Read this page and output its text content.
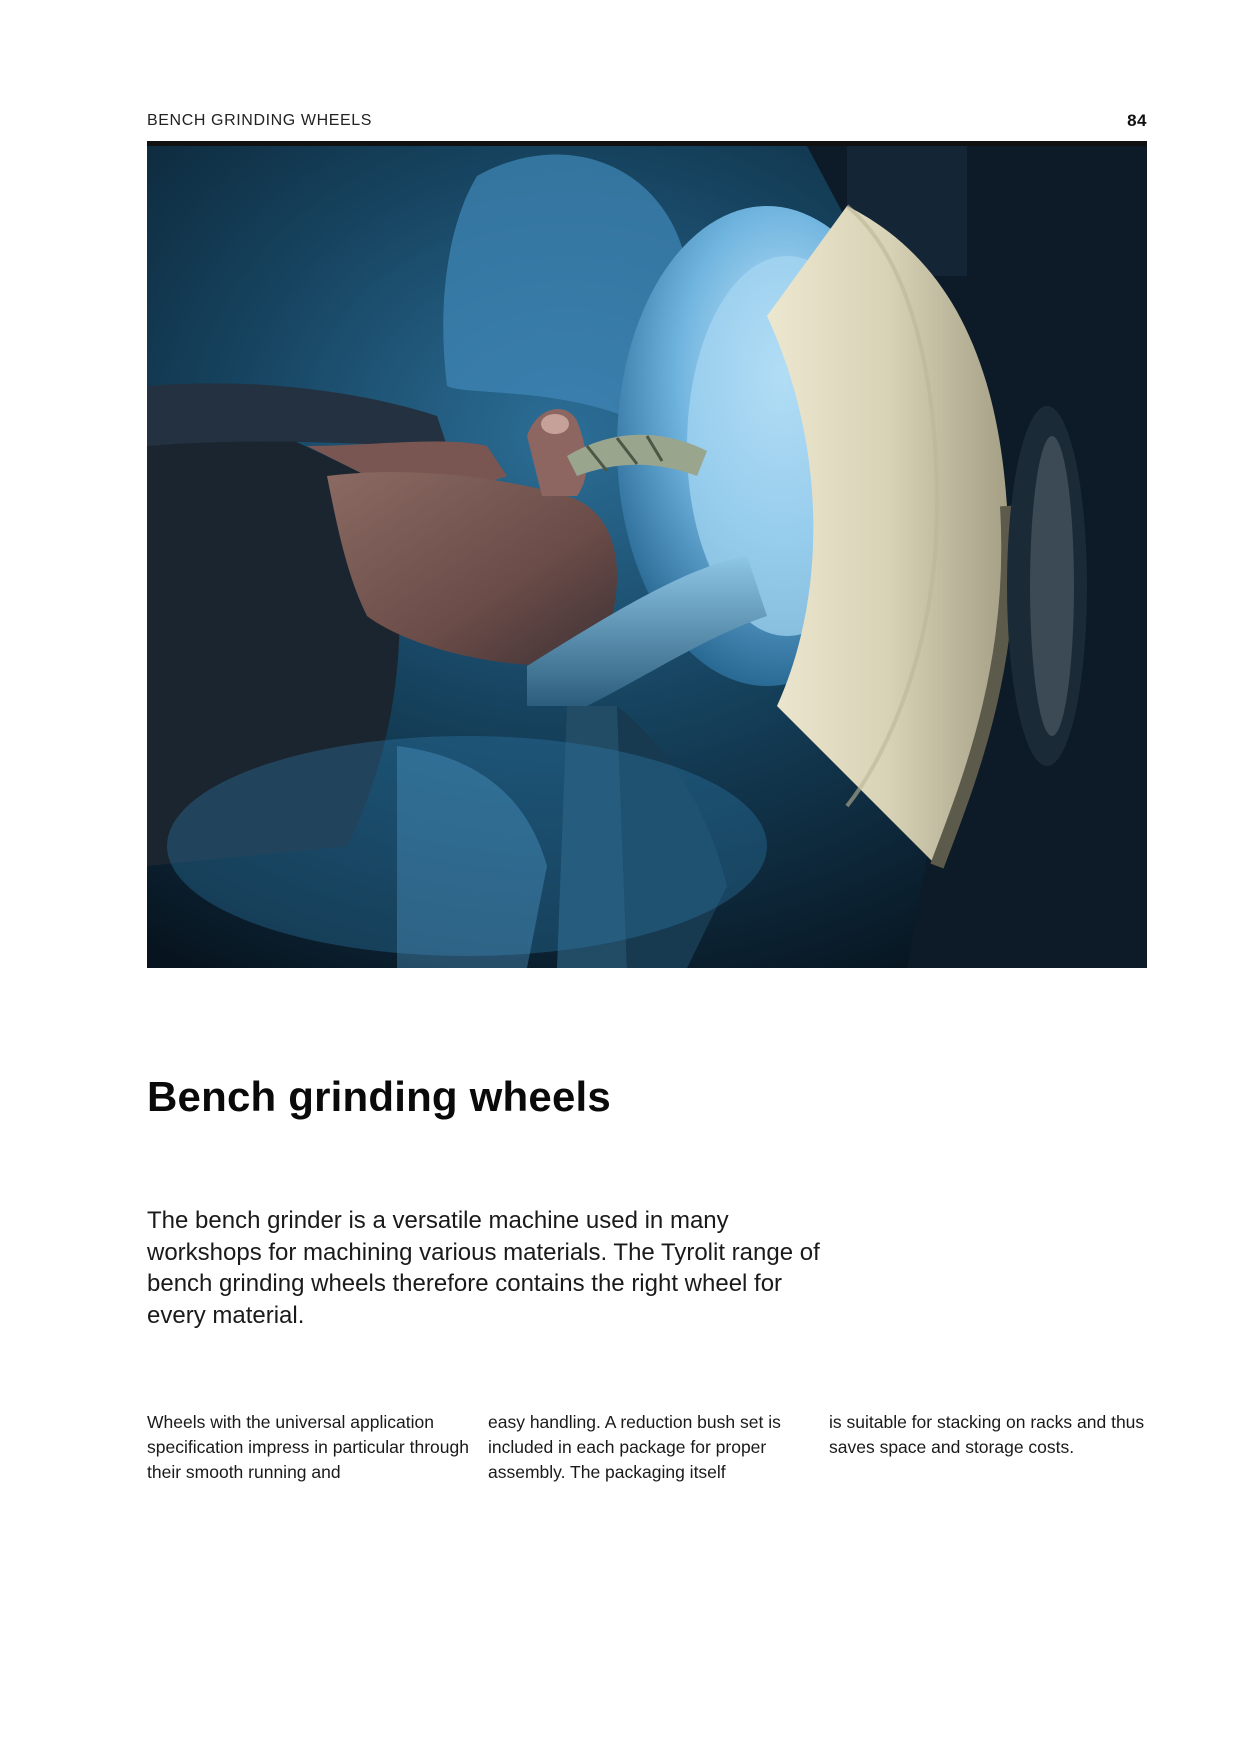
BENCH GRINDING WHEELS	84
Bench grinding wheels

The bench grinder is a versatile machine used in many workshops for machining various materials. The Tyrolit range of bench grinding wheels therefore contains the right wheel for every material.

Wheels with the universal application specification impress in particular through their smooth running and

easy handling. A reduction bush set is included in each package for proper assembly. The packaging itself

is suitable for stacking on racks and thus saves space and storage costs.
